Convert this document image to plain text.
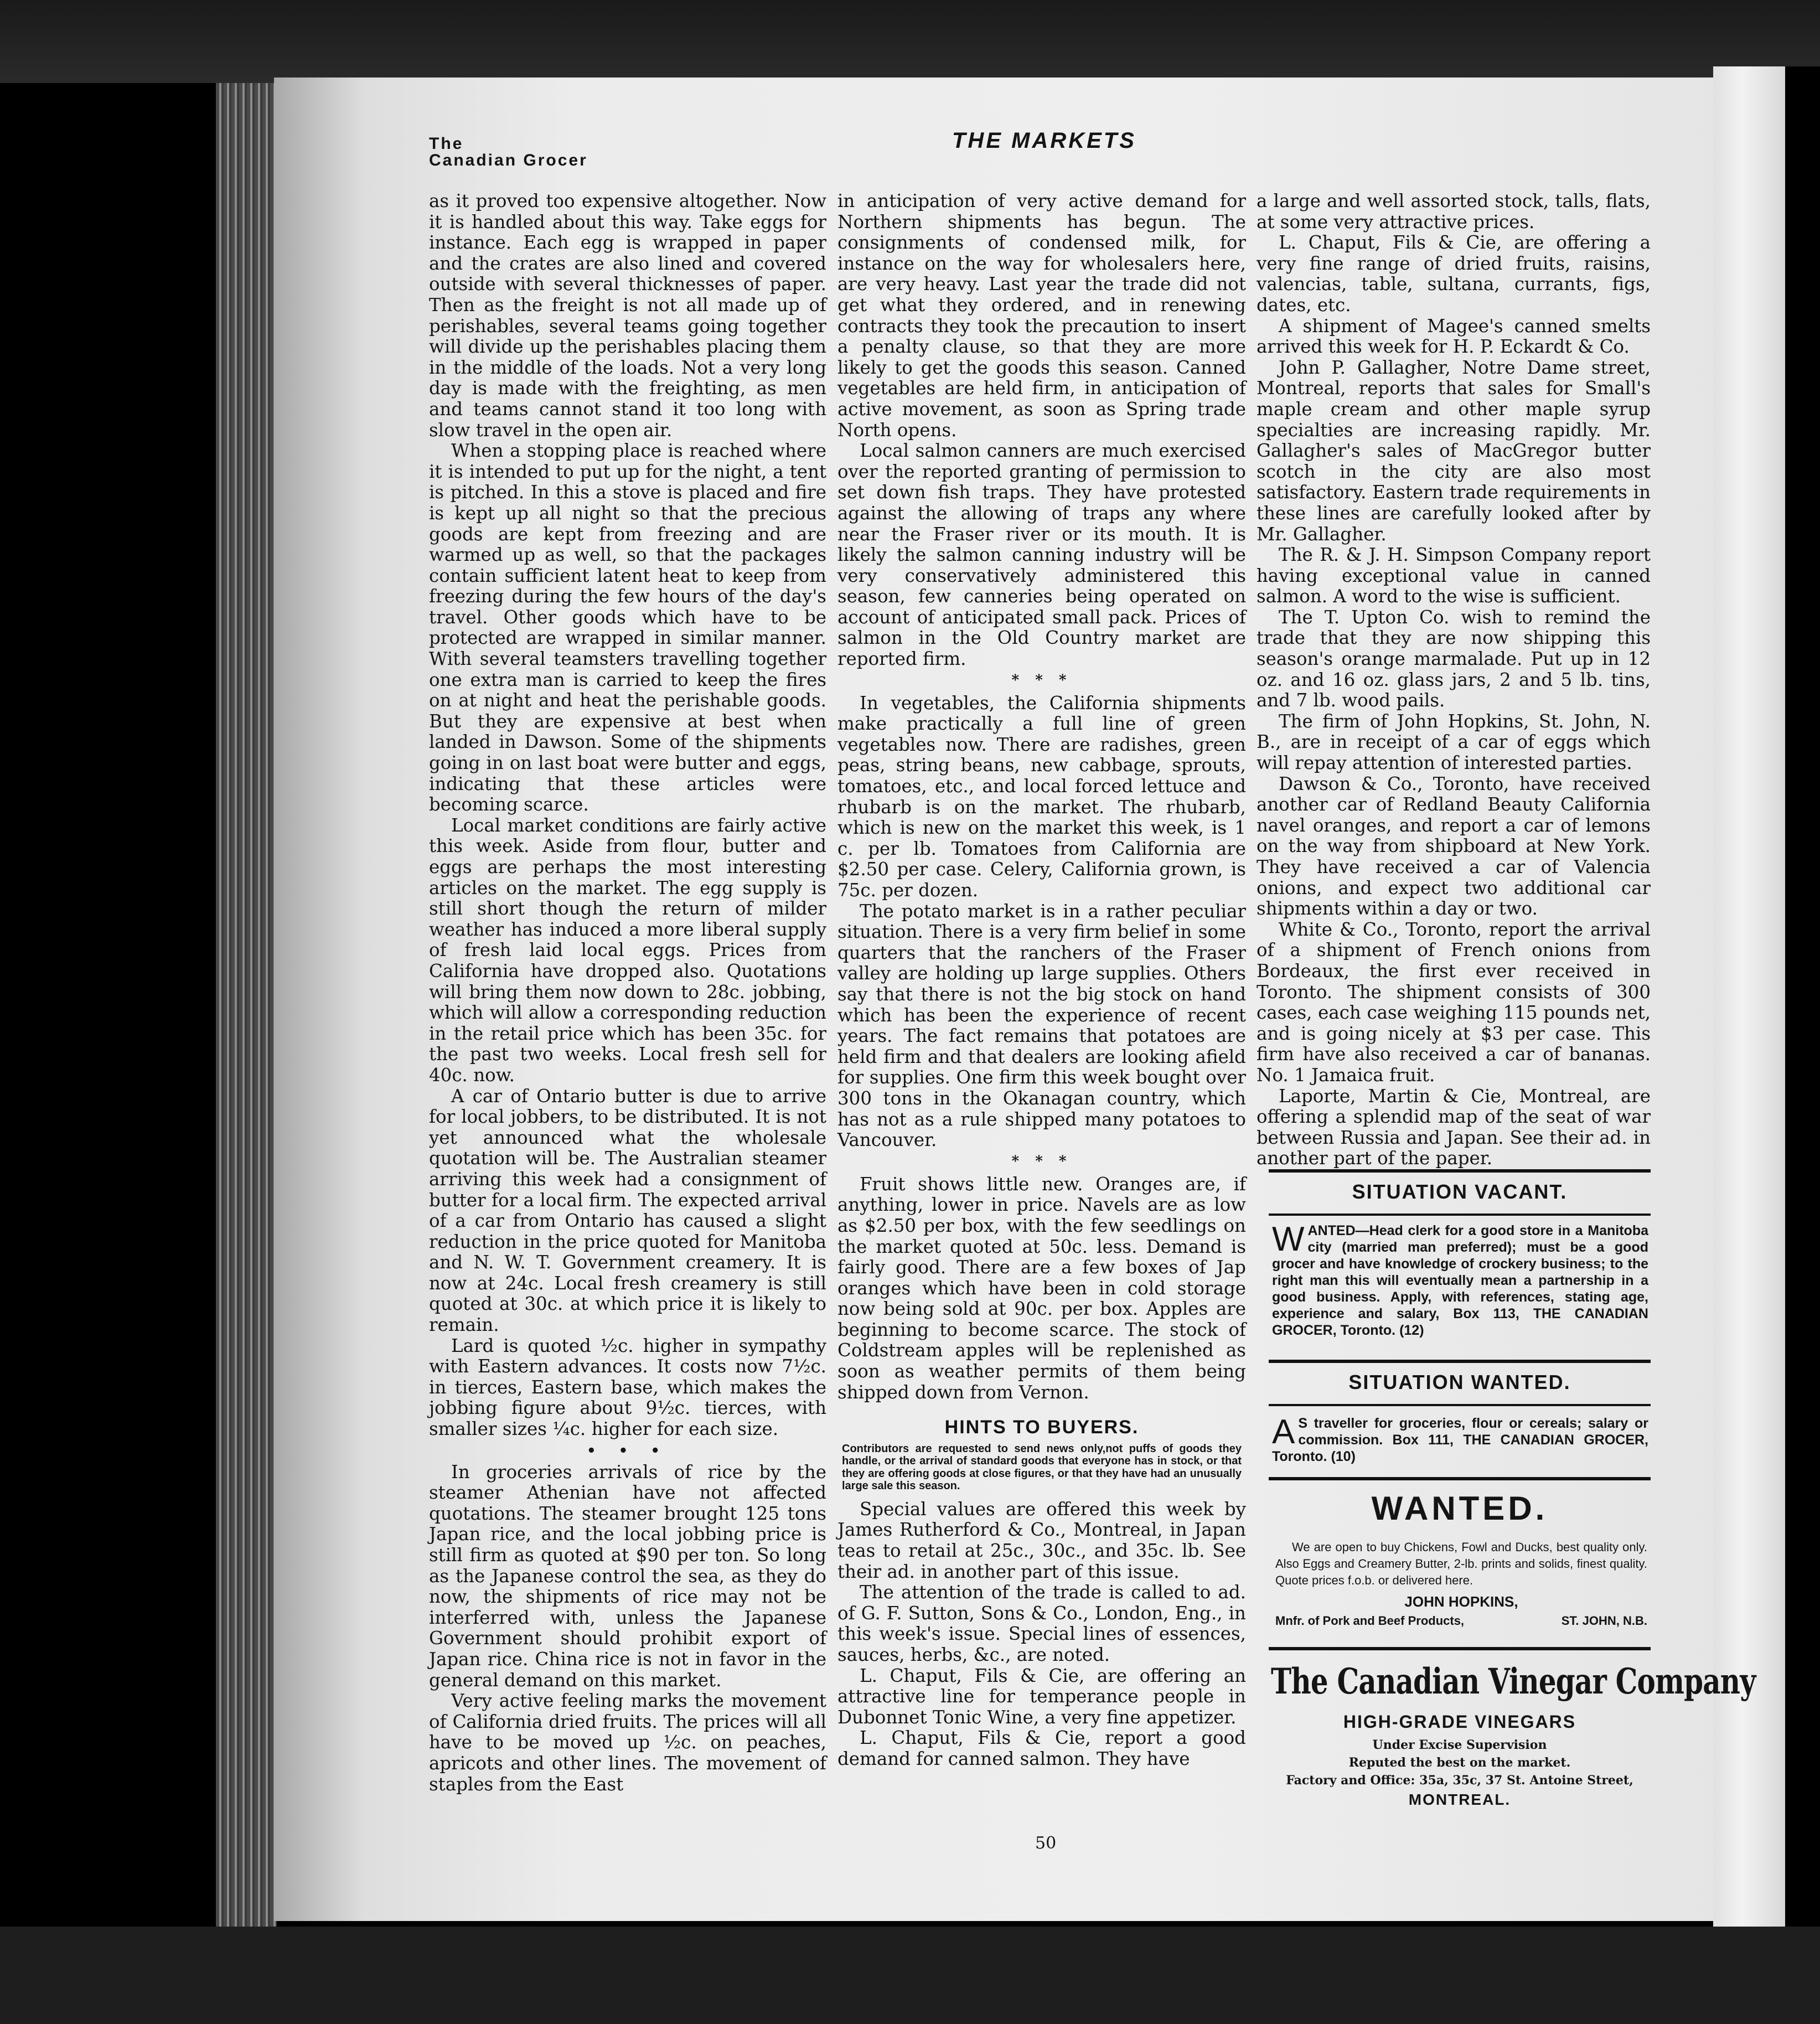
The
Canadian Grocer
THE MARKETS

as it proved too expensive altogether. Now it is handled about this way. Take eggs for instance. Each egg is wrapped in paper and the crates are also lined and covered outside with several thicknesses of paper. Then as the freight is not all made up of perishables, several teams going together will divide up the perishables placing them in the middle of the loads. Not a very long day is made with the freighting, as men and teams cannot stand it too long with slow travel in the open air.

When a stopping place is reached where it is intended to put up for the night, a tent is pitched. In this a stove is placed and fire is kept up all night so that the precious goods are kept from freezing and are warmed up as well, so that the packages contain sufficient latent heat to keep from freezing during the few hours of the day's travel. Other goods which have to be protected are wrapped in similar manner. With several teamsters travelling together one extra man is carried to keep the fires on at night and heat the perishable goods. But they are expensive at best when landed in Dawson. Some of the shipments going in on last boat were butter and eggs, indicating that these articles were becoming scarce.

Local market conditions are fairly active this week. Aside from flour, butter and eggs are perhaps the most interesting articles on the market. The egg supply is still short though the return of milder weather has induced a more liberal supply of fresh laid local eggs. Prices from California have dropped also. Quotations will bring them now down to 28c. jobbing, which will allow a corresponding reduction in the retail price which has been 35c. for the past two weeks. Local fresh sell for 40c. now.

A car of Ontario butter is due to arrive for local jobbers, to be distributed. It is not yet announced what the wholesale quotation will be. The Australian steamer arriving this week had a consignment of butter for a local firm. The expected arrival of a car from Ontario has caused a slight reduction in the price quoted for Manitoba and N. W. T. Government creamery. It is now at 24c. Local fresh creamery is still quoted at 30c. at which price it is likely to remain.

Lard is quoted ½c. higher in sympathy with Eastern advances. It costs now 7½c. in tierces, Eastern base, which makes the jobbing figure about 9½c. tierces, with smaller sizes ¼c. higher for each size.

• • •

In groceries arrivals of rice by the steamer Athenian have not affected quotations. The steamer brought 125 tons Japan rice, and the local jobbing price is still firm as quoted at $90 per ton. So long as the Japanese control the sea, as they do now, the shipments of rice may not be interferred with, unless the Japanese Government should prohibit export of Japan rice. China rice is not in favor in the general demand on this market.

Very active feeling marks the movement of California dried fruits. The prices will all have to be moved up ½c. on peaches, apricots and other lines. The movement of staples from the East

in anticipation of very active demand for Northern shipments has begun. The consignments of condensed milk, for instance on the way for wholesalers here, are very heavy. Last year the trade did not get what they ordered, and in renewing contracts they took the precaution to insert a penalty clause, so that they are more likely to get the goods this season. Canned vegetables are held firm, in anticipation of active movement, as soon as Spring trade North opens.

Local salmon canners are much exercised over the reported granting of permission to set down fish traps. They have protested against the allowing of traps any where near the Fraser river or its mouth. It is likely the salmon canning industry will be very conservatively administered this season, few canneries being operated on account of anticipated small pack. Prices of salmon in the Old Country market are reported firm.

* * *

In vegetables, the California shipments make practically a full line of green vegetables now. There are radishes, green peas, string beans, new cabbage, sprouts, tomatoes, etc., and local forced lettuce and rhubarb is on the market. The rhubarb, which is new on the market this week, is 1 c. per lb. Tomatoes from California are $2.50 per case. Celery, California grown, is 75c. per dozen.

The potato market is in a rather peculiar situation. There is a very firm belief in some quarters that the ranchers of the Fraser valley are holding up large supplies. Others say that there is not the big stock on hand which has been the experience of recent years. The fact remains that potatoes are held firm and that dealers are looking afield for supplies. One firm this week bought over 300 tons in the Okanagan country, which has not as a rule shipped many potatoes to Vancouver.

* * *

Fruit shows little new. Oranges are, if anything, lower in price. Navels are as low as $2.50 per box, with the few seedlings on the market quoted at 50c. less. Demand is fairly good. There are a few boxes of Jap oranges which have been in cold storage now being sold at 90c. per box. Apples are beginning to become scarce. The stock of Coldstream apples will be replenished as soon as weather permits of them being shipped down from Vernon.

HINTS TO BUYERS.
Contributors are requested to send news only,not puffs of goods they handle, or the arrival of standard goods that everyone has in stock, or that they are offering goods at close figures, or that they have had an unusually large sale this season.

Special values are offered this week by James Rutherford & Co., Montreal, in Japan teas to retail at 25c., 30c., and 35c. lb. See their ad. in another part of this issue.

The attention of the trade is called to ad. of G. F. Sutton, Sons & Co., London, Eng., in this week's issue. Special lines of essences, sauces, herbs, &c., are noted.

L. Chaput, Fils & Cie, are offering an attractive line for temperance people in Dubonnet Tonic Wine, a very fine appetizer.

L. Chaput, Fils & Cie, report a good demand for canned salmon. They have

a large and well assorted stock, talls, flats, at some very attractive prices.

L. Chaput, Fils & Cie, are offering a very fine range of dried fruits, raisins, valencias, table, sultana, currants, figs, dates, etc.

A shipment of Magee's canned smelts arrived this week for H. P. Eckardt & Co.

John P. Gallagher, Notre Dame street, Montreal, reports that sales for Small's maple cream and other maple syrup specialties are increasing rapidly. Mr. Gallagher's sales of MacGregor butter scotch in the city are also most satisfactory. Eastern trade requirements in these lines are carefully looked after by Mr. Gallagher.

The R. & J. H. Simpson Company report having exceptional value in canned salmon. A word to the wise is sufficient.

The T. Upton Co. wish to remind the trade that they are now shipping this season's orange marmalade. Put up in 12 oz. and 16 oz. glass jars, 2 and 5 lb. tins, and 7 lb. wood pails.

The firm of John Hopkins, St. John, N. B., are in receipt of a car of eggs which will repay attention of interested parties.

Dawson & Co., Toronto, have received another car of Redland Beauty California navel oranges, and report a car of lemons on the way from shipboard at New York. They have received a car of Valencia onions, and expect two additional car shipments within a day or two.

White & Co., Toronto, report the arrival of a shipment of French onions from Bordeaux, the first ever received in Toronto. The shipment consists of 300 cases, each case weighing 115 pounds net, and is going nicely at $3 per case. This firm have also received a car of bananas. No. 1 Jamaica fruit.

Laporte, Martin & Cie, Montreal, are offering a splendid map of the seat of war between Russia and Japan. See their ad. in another part of the paper.

SITUATION VACANT.
WANTED—Head clerk for a good store in a Manitoba city (married man preferred); must be a good grocer and have knowledge of crockery business; to the right man this will eventually mean a partnership in a good business. Apply, with references, stating age, experience and salary, Box 113, THE CANADIAN GROCER, Toronto. (12)
SITUATION WANTED.
A S traveller for groceries, flour or cereals; salary or commission. Box 111, THE CANADIAN GROCER, Toronto. (10)
WANTED.
We are open to buy Chickens, Fowl and Ducks, best quality only. Also Eggs and Creamery Butter, 2-lb. prints and solids, finest quality. Quote prices f.o.b. or delivered here.
JOHN HOPKINS,
Mnfr. of Pork and Beef Products,	ST. JOHN, N.B.
The Canadian Vinegar Company
HIGH-GRADE VINEGARS
Under Excise Supervision
Reputed the best on the market.
Factory and Office: 35a, 35c, 37 St. Antoine Street,
MONTREAL.
50
